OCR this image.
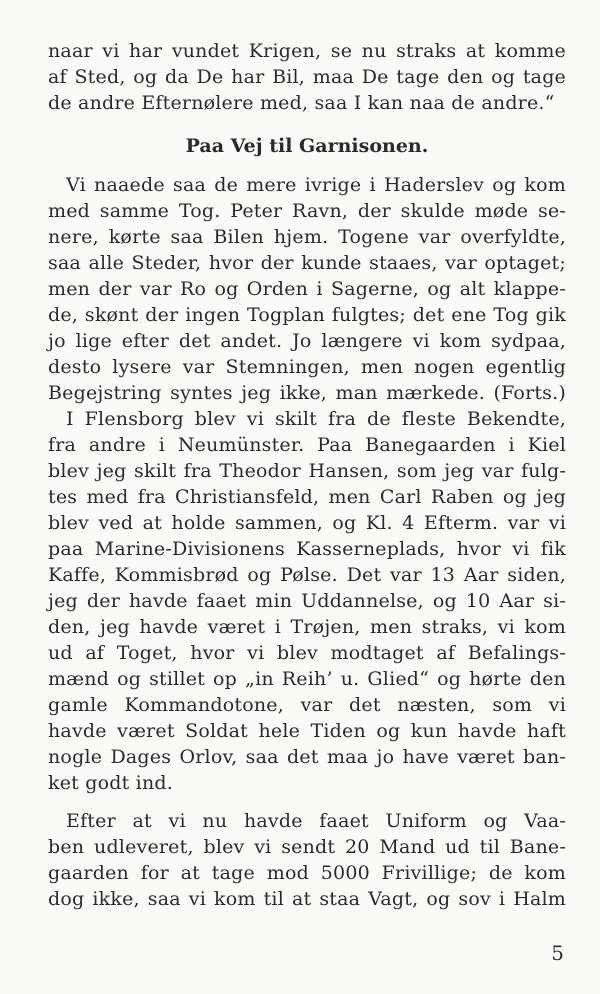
naar vi har vundet Krigen, se nu straks at komme
af Sted, og da De har Bil, maa De tage den og tage
de andre Efternølere med, saa I kan naa de andre.“
Paa Vej til Garnisonen.
Vi naaede saa de mere ivrige i Haderslev og kom
med samme Tog. Peter Ravn, der skulde møde se-
nere, kørte saa Bilen hjem. Togene var overfyldte,
saa alle Steder, hvor der kunde staaes, var optaget;
men der var Ro og Orden i Sagerne, og alt klappe-
de, skønt der ingen Togplan fulgtes; det ene Tog gik
jo lige efter det andet. Jo længere vi kom sydpaa,
desto lysere var Stemningen, men nogen egentlig
Begejstring syntes jeg ikke, man mærkede. (Forts.)
I Flensborg blev vi skilt fra de fleste Bekendte,
fra andre i Neumünster. Paa Banegaarden i Kiel
blev jeg skilt fra Theodor Hansen, som jeg var fulg-
tes med fra Christiansfeld, men Carl Raben og jeg
blev ved at holde sammen, og Kl. 4 Efterm. var vi
paa Marine-Divisionens Kasserneplads, hvor vi fik
Kaffe, Kommisbrød og Pølse. Det var 13 Aar siden,
jeg der havde faaet min Uddannelse, og 10 Aar si-
den, jeg havde været i Trøjen, men straks, vi kom
ud af Toget, hvor vi blev modtaget af Befalings-
mænd og stillet op „in Reih’ u. Glied“ og hørte den
gamle Kommandotone, var det næsten, som vi
havde været Soldat hele Tiden og kun havde haft
nogle Dages Orlov, saa det maa jo have været ban-
ket godt ind.
Efter at vi nu havde faaet Uniform og Vaa-
ben udleveret, blev vi sendt 20 Mand ud til Bane-
gaarden for at tage mod 5000 Frivillige; de kom
dog ikke, saa vi kom til at staa Vagt, og sov i Halm
5
